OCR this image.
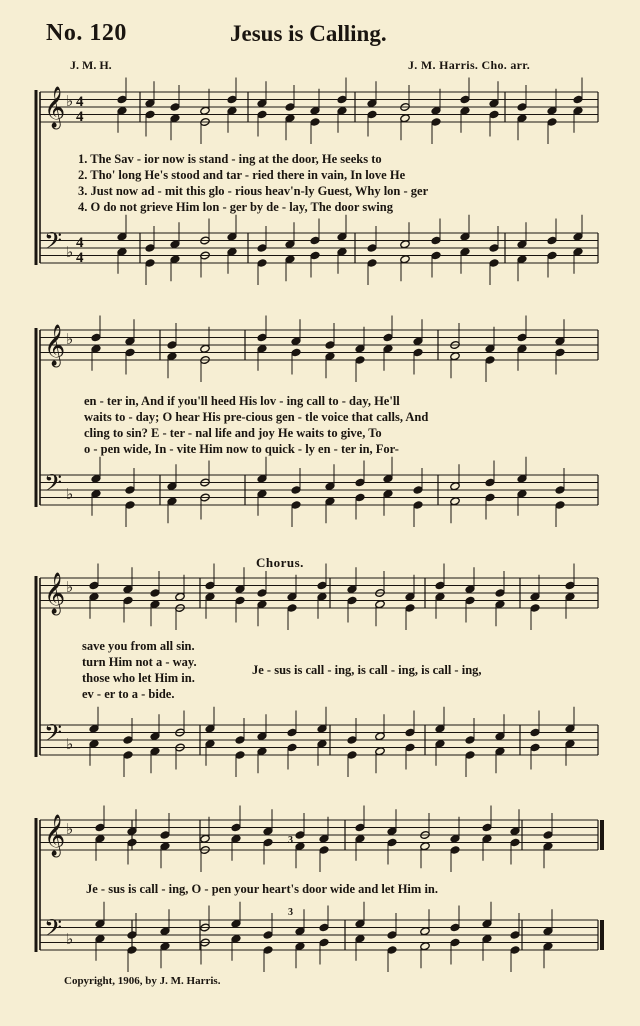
No. 120	Jesus is Calling.
J. M. H.	J. M. Harris. Cho. arr.
𝄞
𝄢
♭
♭
4
4
4
4
𝄞
𝄢
♭
♭
𝄞
𝄢
♭
♭
𝄞
𝄢
♭
♭
1. The Sav - ior now is stand - ing at the door, He seeks to
2. Tho' long He's stood and tar - ried there in vain, In love He
3. Just now ad - mit this glo - rious heav'n-ly Guest, Why lon - ger
4. O do not grieve Him lon - ger by de - lay, The door swing
en - ter in, And if you'll heed His lov - ing call to - day, He'll
waits to - day; O hear His pre-cious gen - tle voice that calls, And
cling to sin? E - ter - nal life and joy He waits to give, To
o - pen wide, In - vite Him now to quick - ly en - ter in, For-
Chorus.
save you from all sin.
turn Him not a - way.
those who let Him in.
ev - er to a - bide.
Je - sus is call - ing, is call - ing, is call - ing,
Je - sus is call - ing, O - pen your heart's door wide and let Him in.
3
3
Copyright, 1906, by J. M. Harris.
